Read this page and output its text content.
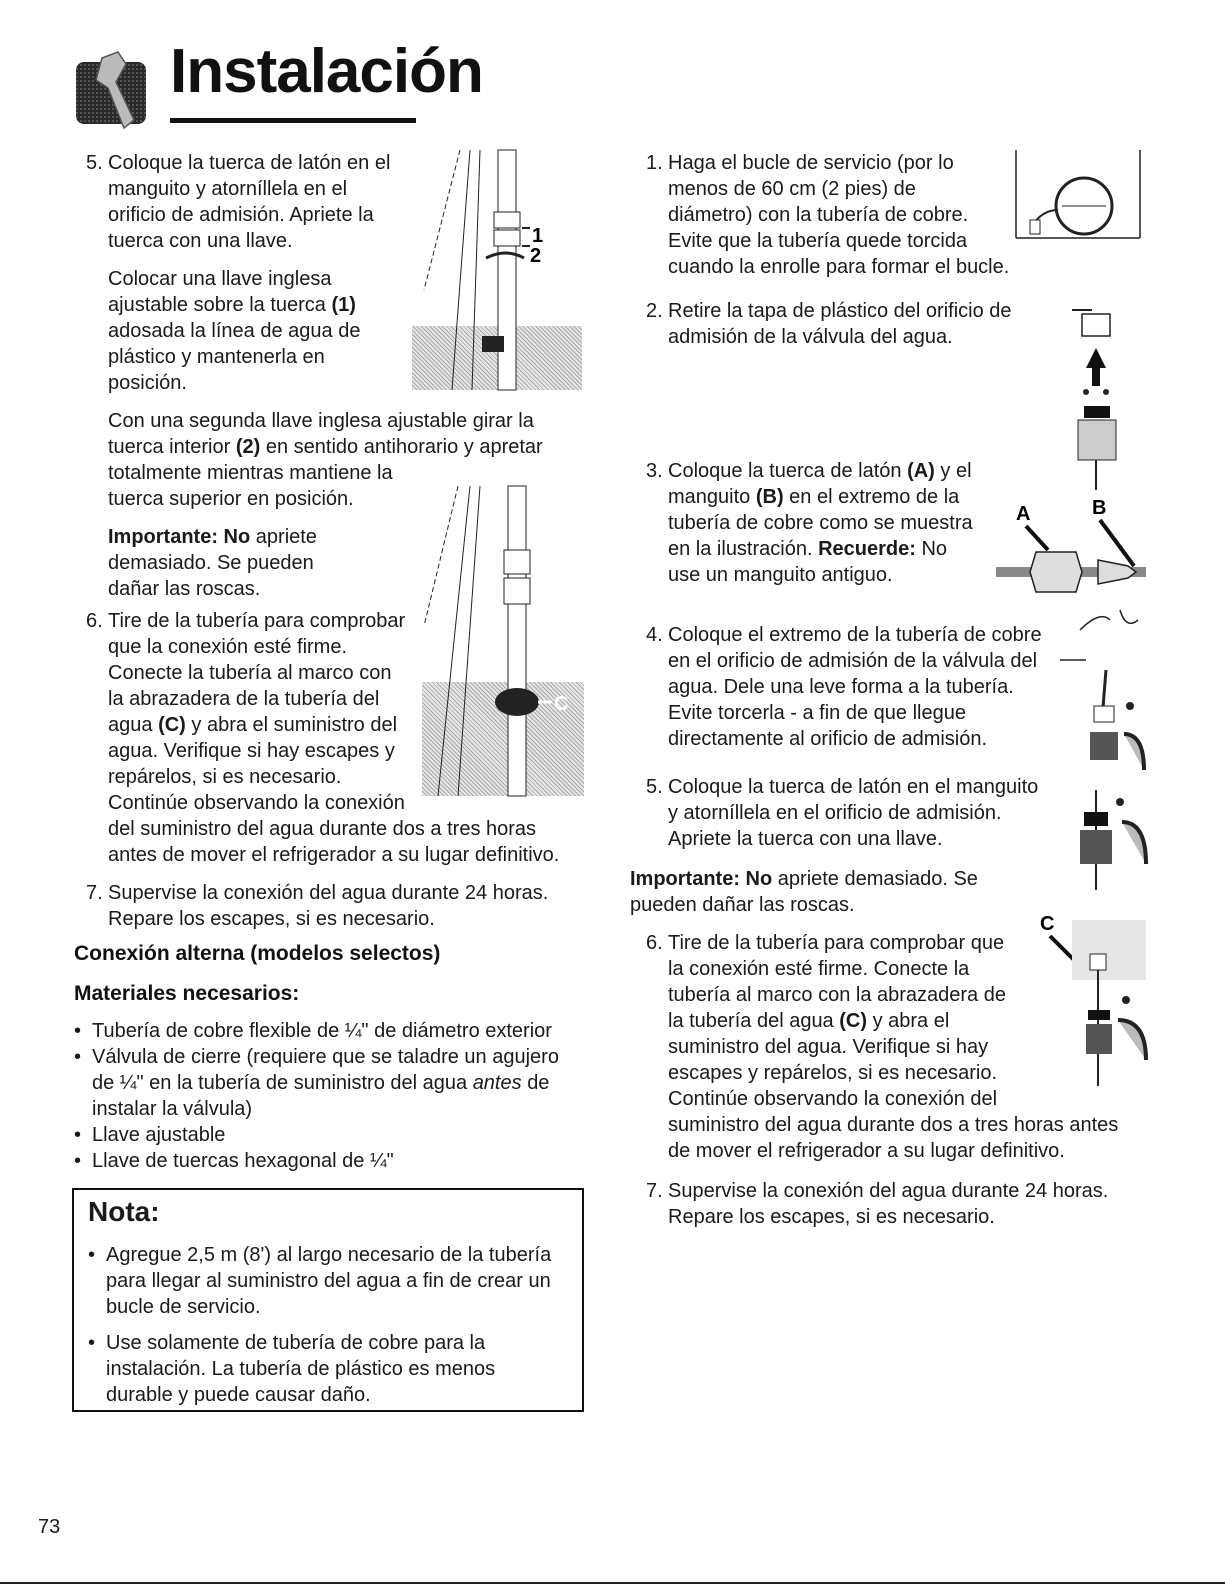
Instalación

5. Coloque la tuerca de latón en el

manguito y atorníllela en el

orificio de admisión. Apriete la

tuerca con una llave.

Colocar una llave inglesa

ajustable sobre la tuerca (1)

adosada la línea de agua de

plástico y mantenerla en

posición.

Con una segunda llave inglesa ajustable girar la

tuerca interior (2) en sentido antihorario y apretar

totalmente mientras mantiene la

tuerca superior en posición.

Importante: No apriete

demasiado. Se pueden

dañar las roscas.

6. Tire de la tubería para comprobar

que la conexión esté firme.

Conecte la tubería al marco con

la abrazadera de la tubería del

agua (C) y abra el suministro del

agua. Verifique si hay escapes y

repárelos, si es necesario.

Continúe observando la conexión

del suministro del agua durante dos a tres horas

antes de mover el refrigerador a su lugar definitivo.

7. Supervise la conexión del agua durante 24 horas.

Repare los escapes, si es necesario.

Conexión alterna (modelos selectos)
Materiales necesarios:

• Tubería de cobre flexible de ¼" de diámetro exterior

• Válvula de cierre (requiere que se taladre un agujero

de ¼" en la tubería de suministro del agua antes de

instalar la válvula)

• Llave ajustable

• Llave de tuercas hexagonal de ¼"

Nota:

• Agregue 2,5 m (8') al largo necesario de la tubería

para llegar al suministro del agua a fin de crear un

bucle de servicio.

• Use solamente de tubería de cobre para la

instalación. La tubería de plástico es menos

durable y puede causar daño.

1
2
C

1. Haga el bucle de servicio (por lo

menos de 60 cm (2 pies) de

diámetro) con la tubería de cobre.

Evite que la tubería quede torcida

cuando la enrolle para formar el bucle.

2. Retire la tapa de plástico del orificio de

admisión de la válvula del agua.

3. Coloque la tuerca de latón (A) y el

manguito (B) en el extremo de la

tubería de cobre como se muestra

en la ilustración. Recuerde: No

use un manguito antiguo.

4. Coloque el extremo de la tubería de cobre

en el orificio de admisión de la válvula del

agua. Dele una leve forma a la tubería.

Evite torcerla - a fin de que llegue

directamente al orificio de admisión.

5. Coloque la tuerca de latón en el manguito

y atorníllela en el orificio de admisión.

Apriete la tuerca con una llave.

Importante: No apriete demasiado. Se

pueden dañar las roscas.

6. Tire de la tubería para comprobar que

la conexión esté firme. Conecte la

tubería al marco con la abrazadera de

la tubería del agua (C) y abra el

suministro del agua. Verifique si hay

escapes y repárelos, si es necesario.

Continúe observando la conexión del

suministro del agua durante dos a tres horas antes

de mover el refrigerador a su lugar definitivo.

7. Supervise la conexión del agua durante 24 horas.

Repare los escapes, si es necesario.

A	B
C
73
